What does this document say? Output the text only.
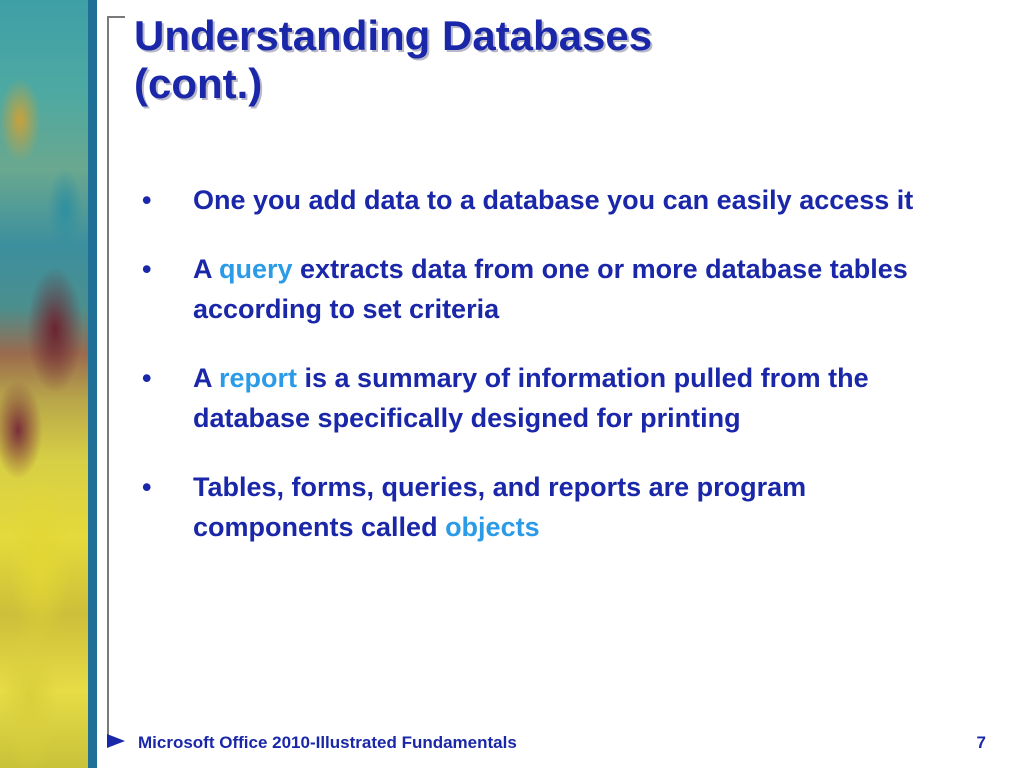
Understanding Databases
(cont.)
• One you add data to a database you can easily access it
• A query extracts data from one or more database tables according to set criteria
• A report is a summary of information pulled from the database specifically designed for printing
• Tables, forms, queries, and reports are program components called objects
Microsoft Office 2010-Illustrated Fundamentals	7
